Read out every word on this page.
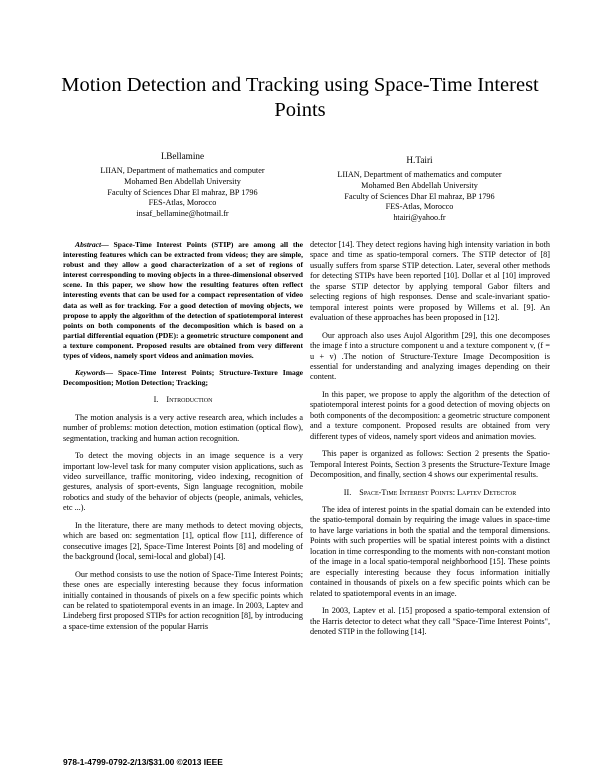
Motion Detection and Tracking using Space-Time Interest Points
I.Bellamine
LIIAN, Department of mathematics and computer
Mohamed Ben Abdellah University
Faculty of Sciences Dhar El mahraz, BP 1796
FES-Atlas, Morocco
insaf_bellamine@hotmail.fr
H.Tairi
LIIAN, Department of mathematics and computer
Mohamed Ben Abdellah University
Faculty of Sciences Dhar El mahraz, BP 1796
FES-Atlas, Morocco
htairi@yahoo.fr

Abstract— Space-Time Interest Points (STIP) are among all the interesting features which can be extracted from videos; they are simple, robust and they allow a good characterization of a set of regions of interest corresponding to moving objects in a three-dimensional observed scene. In this paper, we show how the resulting features often reflect interesting events that can be used for a compact representation of video data as well as for tracking. For a good detection of moving objects, we propose to apply the algorithm of the detection of spatiotemporal interest points on both components of the decomposition which is based on a partial differential equation (PDE): a geometric structure component and a texture component. Proposed results are obtained from very different types of videos, namely sport videos and animation movies.

Keywords— Space-Time Interest Points; Structure-Texture Image Decomposition; Motion Detection; Tracking;

I. Introduction

The motion analysis is a very active research area, which includes a number of problems: motion detection, motion estimation (optical flow), segmentation, tracking and human action recognition.

To detect the moving objects in an image sequence is a very important low-level task for many computer vision applications, such as video surveillance, traffic monitoring, video indexing, recognition of gestures, analysis of sport-events, Sign language recognition, mobile robotics and study of the behavior of objects (people, animals, vehicles, etc ...).

In the literature, there are many methods to detect moving objects, which are based on: segmentation [1], optical flow [11], difference of consecutive images [2], Space-Time Interest Points [8] and modeling of the background (local, semi-local and global) [4].

Our method consists to use the notion of Space-Time Interest Points; these ones are especially interesting because they focus information initially contained in thousands of pixels on a few specific points which can be related to spatiotemporal events in an image. In 2003, Laptev and Lindeberg first proposed STIPs for action recognition [8], by introducing a space-time extension of the popular Harris

detector [14]. They detect regions having high intensity variation in both space and time as spatio-temporal corners. The STIP detector of [8] usually suffers from sparse STIP detection. Later, several other methods for detecting STIPs have been reported [10]. Dollar et al [10] improved the sparse STIP detector by applying temporal Gabor filters and selecting regions of high responses. Dense and scale-invariant spatio-temporal interest points were proposed by Willems et al. [9]. An evaluation of these approaches has been proposed in [12].

Our approach also uses Aujol Algorithm [29], this one decomposes the image f into a structure component u and a texture component v, (f = u + v) .The notion of Structure-Texture Image Decomposition is essential for understanding and analyzing images depending on their content.

In this paper, we propose to apply the algorithm of the detection of spatiotemporal interest points for a good detection of moving objects on both components of the decomposition: a geometric structure component and a texture component. Proposed results are obtained from very different types of videos, namely sport videos and animation movies.

This paper is organized as follows: Section 2 presents the Spatio-Temporal Interest Points, Section 3 presents the Structure-Texture Image Decomposition, and finally, section 4 shows our experimental results.

II. Space-Time Interest Points: Laptev Detector

The idea of interest points in the spatial domain can be extended into the spatio-temporal domain by requiring the image values in space-time to have large variations in both the spatial and the temporal dimensions. Points with such properties will be spatial interest points with a distinct location in time corresponding to the moments with non-constant motion of the image in a local spatio-temporal neighborhood [15]. These points are especially interesting because they focus information initially contained in thousands of pixels on a few specific points which can be related to spatiotemporal events in an image.

In 2003, Laptev et al. [15] proposed a spatio-temporal extension of the Harris detector to detect what they call "Space-Time Interest Points", denoted STIP in the following [14].

978-1-4799-0792-2/13/$31.00 ©2013 IEEE
